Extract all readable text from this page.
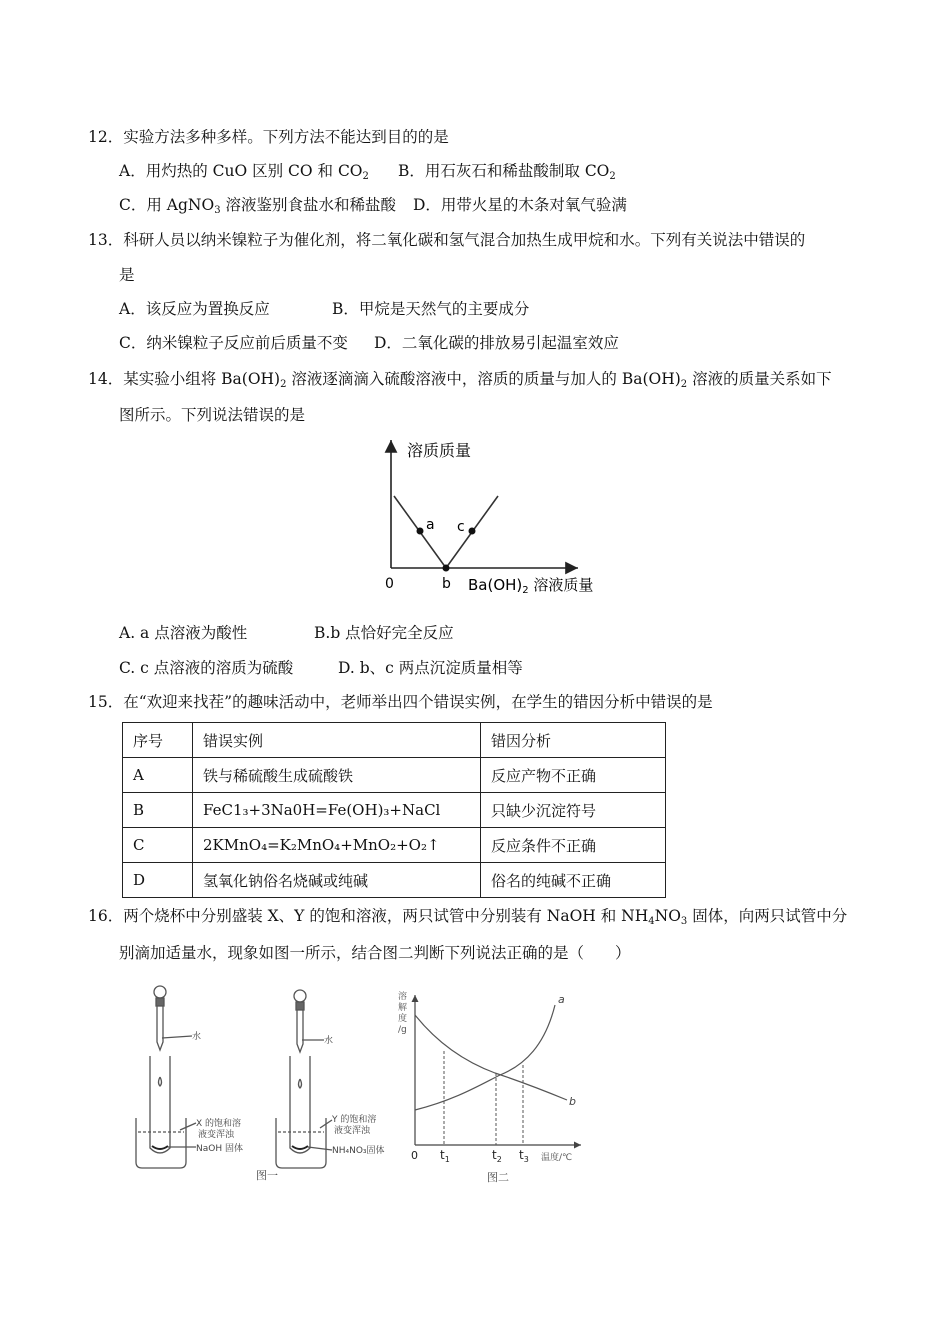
12．实验方法多种多样。下列方法不能达到目的的是
A．用灼热的 CuO 区别 CO 和 $CO_2$ B．用石灰石和稀盐酸制取 $CO_2$
C．用 AgNO$_3$ 溶液鉴别食盐水和稀盐酸 D．用带火星的木条对氧气验满
13．科研人员以纳米镍粒子为催化剂，将二氧化碳和氢气混合加热生成甲烷和水。下列有关说法中错误的
是
A．该反应为置换反应	B．甲烷是天然气的主要成分
C．纳米镍粒子反应前后质量不变 D．二氧化碳的排放易引起温室效应
14．某实验小组将 $Ba(OH)_2$ 溶液逐滴滴入硫酸溶液中，溶质的质量与加人的 $Ba(OH)_2$ 溶液的质量关系如下
图所示。下列说法错误的是
溶质质量
a c
0	b $Ba(OH)_2$ 溶液质量
A. a 点溶液为酸性	B.b 点恰好完全反应
C. c 点溶液的溶质为硫酸	D. b、c 两点沉淀质量相等
15．在“欢迎来找茬”的趣味活动中，老师举出四个错误实例，在学生的错因分析中错误的是
序号	错误实例	错因分析
A	铁与稀硫酸生成硫酸铁	反应产物不正确
B	FeC1₃+3Na0H=Fe(OH)₃+NaCl	只缺少沉淀符号
C	2KMnO₄=K₂MnO₄+MnO₂+O₂↑	反应条件不正确
D	氢氧化钠俗名烧碱或纯碱	俗名的纯碱不正确
16．两个烧杯中分别盛装 X、Y 的饱和溶液，两只试管中分别装有 NaOH 和 $NH_4NO_3$ 固体，向两只试管中分
别滴加适量水，现象如图一所示，结合图二判断下列说法正确的是（　　）
水
X 的饱和溶
液变浑浊
NaOH 固体
水
Y 的饱和溶
液变浑浊
NH₄NO₃固体
图一
溶
解
度
/g
温度/℃
a
b
0 $t_1$	$t_2$ $t_3$
图二
